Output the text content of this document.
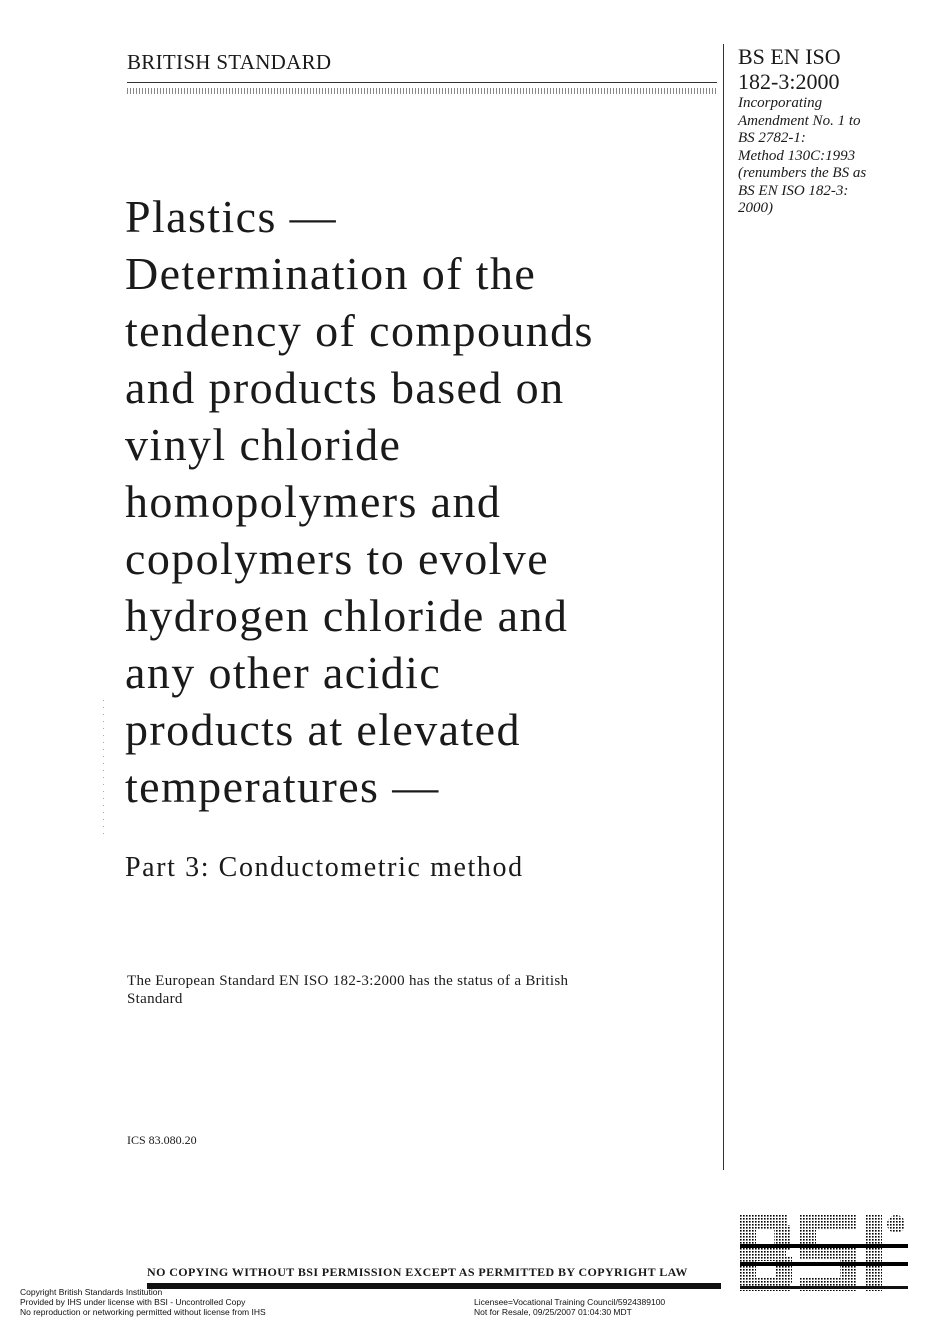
BRITISH STANDARD	BS EN ISO
182-3:2000
Incorporating
Amendment No. 1 to
BS 2782-1:
Method 130C:1993
(renumbers the BS as
BS EN ISO 182-3:
2000)
Plastics —
Determination of the
tendency of compounds
and products based on
vinyl chloride
homopolymers and
copolymers to evolve
hydrogen chloride and
any other acidic
products at elevated
temperatures —
Part 3: Conductometric method
The European Standard EN ISO 182-3:2000 has the status of a British Standard
ICS 83.080.20
NO COPYING WITHOUT BSI PERMISSION EXCEPT AS PERMITTED BY COPYRIGHT LAW
Copyright British Standards Institution
Provided by IHS under license with BSI - Uncontrolled Copy
No reproduction or networking permitted without license from IHS
Licensee=Vocational Training Council/5924389100
Not for Resale, 09/25/2007 01:04:30 MDT
